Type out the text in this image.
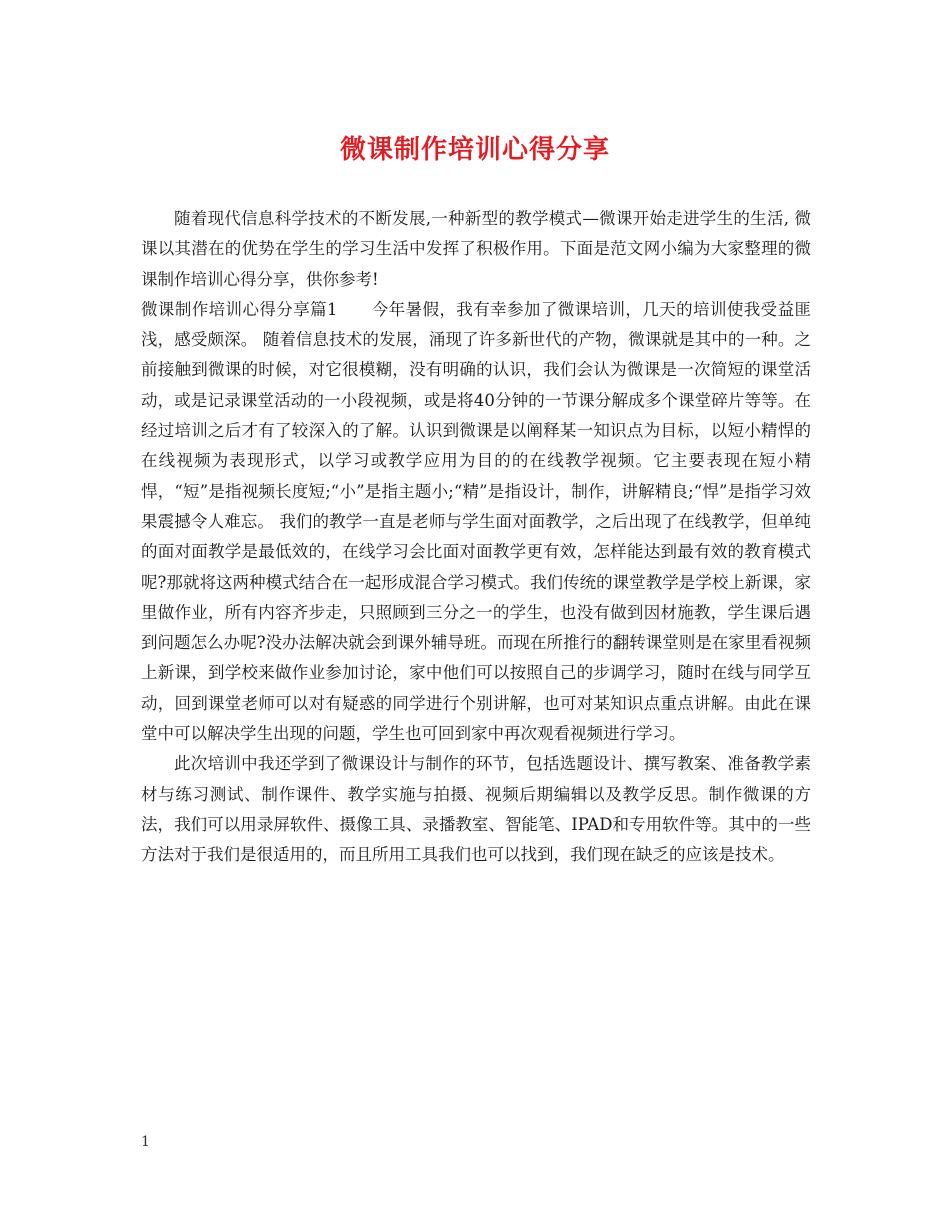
微课制作培训心得分享

随着现代信息科学技术的不断发展,一种新型的教学模式—微课开始走进学生的生活, 微课以其潜在的优势在学生的学习生活中发挥了积极作用。下面是范文网小编为大家整理的微课制作培训心得分享，供你参考!

微课制作培训心得分享篇1　　今年暑假，我有幸参加了微课培训，几天的培训使我受益匪浅，感受颇深。 随着信息技术的发展，涌现了许多新世代的产物，微课就是其中的一种。之前接触到微课的时候，对它很模糊，没有明确的认识，我们会认为微课是一次简短的课堂活动，或是记录课堂活动的一小段视频，或是将40分钟的一节课分解成多个课堂碎片等等。在经过培训之后才有了较深入的了解。认识到微课是以阐释某一知识点为目标，以短小精悍的在线视频为表现形式，以学习或教学应用为目的的在线教学视频。它主要表现在短小精悍，“短”是指视频长度短;“小”是指主题小;“精”是指设计，制作，讲解精良;“悍”是指学习效果震撼令人难忘。 我们的教学一直是老师与学生面对面教学，之后出现了在线教学，但单纯的面对面教学是最低效的，在线学习会比面对面教学更有效，怎样能达到最有效的教育模式呢?那就将这两种模式结合在一起形成混合学习模式。我们传统的课堂教学是学校上新课，家里做作业，所有内容齐步走，只照顾到三分之一的学生，也没有做到因材施教，学生课后遇到问题怎么办呢?没办法解决就会到课外辅导班。而现在所推行的翻转课堂则是在家里看视频上新课，到学校来做作业参加讨论，家中他们可以按照自己的步调学习，随时在线与同学互动，回到课堂老师可以对有疑惑的同学进行个别讲解，也可对某知识点重点讲解。由此在课堂中可以解决学生出现的问题，学生也可回到家中再次观看视频进行学习。

此次培训中我还学到了微课设计与制作的环节，包括选题设计、撰写教案、准备教学素材与练习测试、制作课件、教学实施与拍摄、视频后期编辑以及教学反思。制作微课的方法，我们可以用录屏软件、摄像工具、录播教室、智能笔、IPAD和专用软件等。其中的一些方法对于我们是很适用的，而且所用工具我们也可以找到，我们现在缺乏的应该是技术。

1
